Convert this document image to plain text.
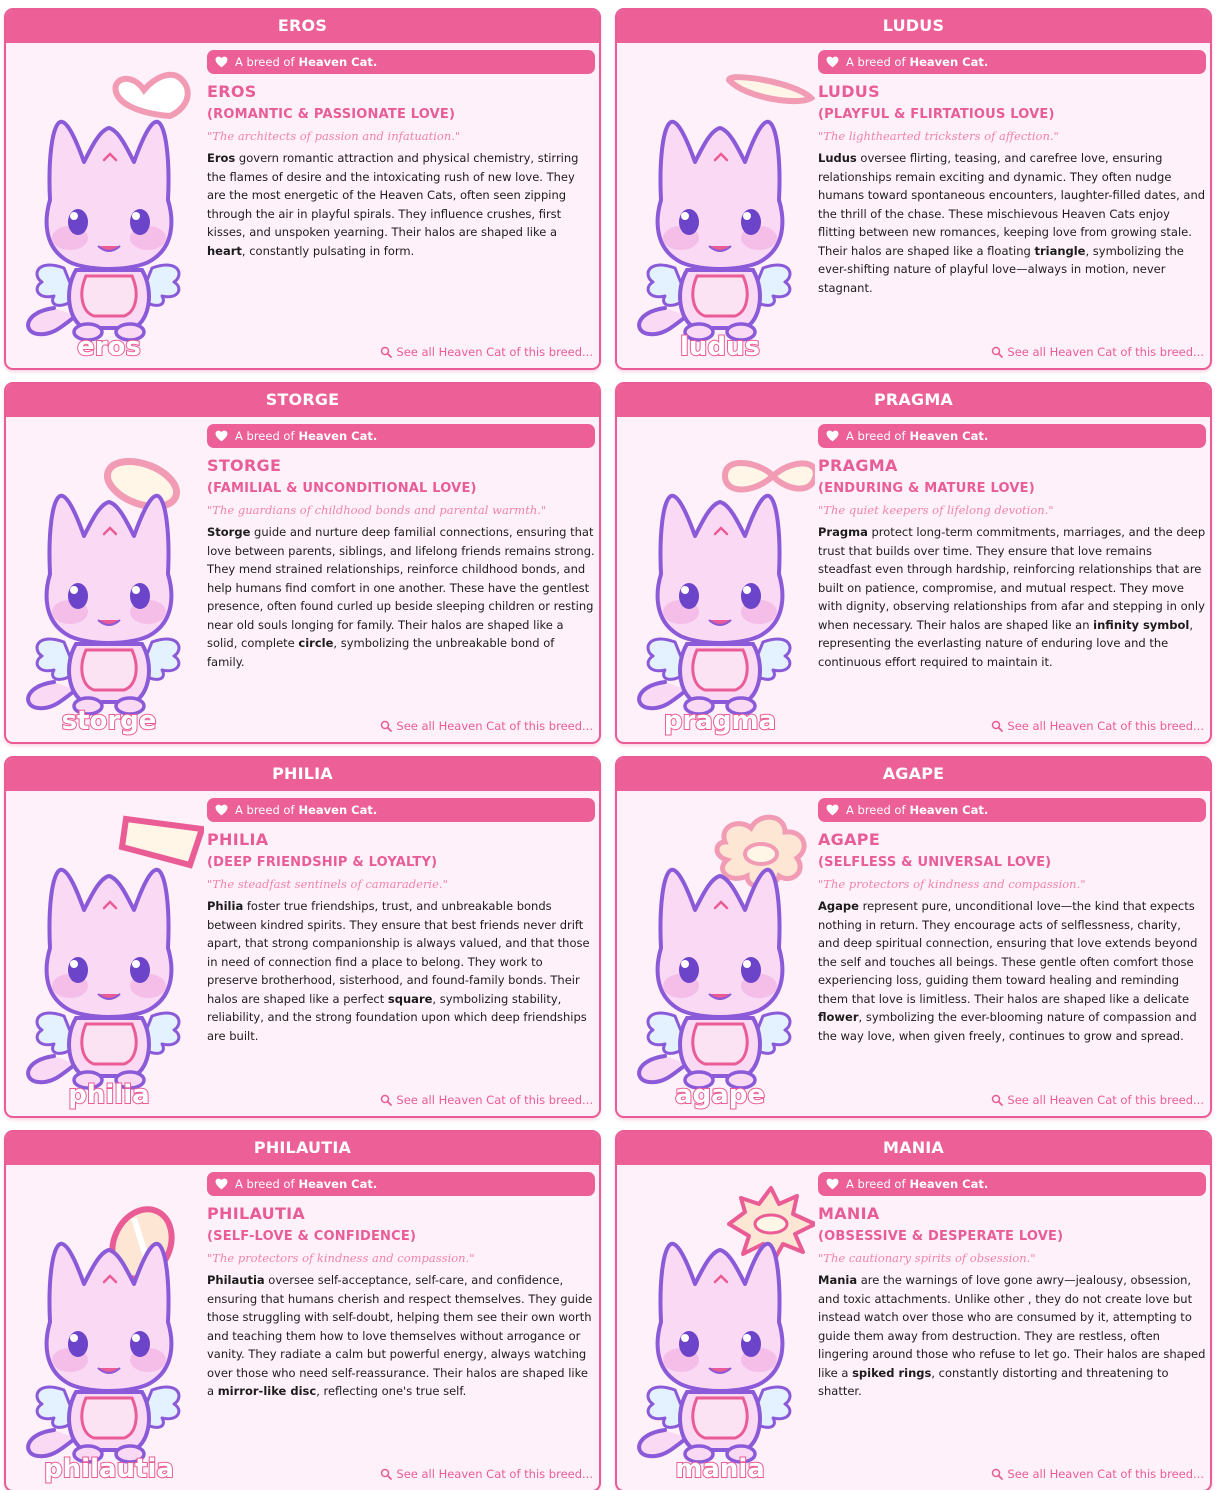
EROS
eros
A breed of Heaven Cat.
EROS
(ROMANTIC & PASSIONATE LOVE)
"The architects of passion and infatuation."
Eros govern romantic attraction and physical chemistry, stirring the flames of desire and the intoxicating rush of new love. They are the most energetic of the Heaven Cats, often seen zipping through the air in playful spirals. They influence crushes, first kisses, and unspoken yearning. Their halos are shaped like a heart, constantly pulsating in form.
See all Heaven Cat of this breed...
LUDUS
ludus
A breed of Heaven Cat.
LUDUS
(PLAYFUL & FLIRTATIOUS LOVE)
"The lighthearted tricksters of affection."
Ludus oversee flirting, teasing, and carefree love, ensuring relationships remain exciting and dynamic. They often nudge humans toward spontaneous encounters, laughter-filled dates, and the thrill of the chase. These mischievous Heaven Cats enjoy flitting between new romances, keeping love from growing stale. Their halos are shaped like a floating triangle, symbolizing the ever-shifting nature of playful love—always in motion, never stagnant.
See all Heaven Cat of this breed...
STORGE
storge
A breed of Heaven Cat.
STORGE
(FAMILIAL & UNCONDITIONAL LOVE)
"The guardians of childhood bonds and parental warmth."
Storge guide and nurture deep familial connections, ensuring that love between parents, siblings, and lifelong friends remains strong. They mend strained relationships, reinforce childhood bonds, and help humans find comfort in one another. These have the gentlest presence, often found curled up beside sleeping children or resting near old souls longing for family. Their halos are shaped like a solid, complete circle, symbolizing the unbreakable bond of family.
See all Heaven Cat of this breed...
PRAGMA
pragma
A breed of Heaven Cat.
PRAGMA
(ENDURING & MATURE LOVE)
"The quiet keepers of lifelong devotion."
Pragma protect long-term commitments, marriages, and the deep trust that builds over time. They ensure that love remains steadfast even through hardship, reinforcing relationships that are built on patience, compromise, and mutual respect. They move with dignity, observing relationships from afar and stepping in only when necessary. Their halos are shaped like an infinity symbol, representing the everlasting nature of enduring love and the continuous effort required to maintain it.
See all Heaven Cat of this breed...
PHILIA
philia
A breed of Heaven Cat.
PHILIA
(DEEP FRIENDSHIP & LOYALTY)
"The steadfast sentinels of camaraderie."
Philia foster true friendships, trust, and unbreakable bonds between kindred spirits. They ensure that best friends never drift apart, that strong companionship is always valued, and that those in need of connection find a place to belong. They work to preserve brotherhood, sisterhood, and found-family bonds. Their halos are shaped like a perfect square, symbolizing stability, reliability, and the strong foundation upon which deep friendships are built.
See all Heaven Cat of this breed...
AGAPE
agape
A breed of Heaven Cat.
AGAPE
(SELFLESS & UNIVERSAL LOVE)
"The protectors of kindness and compassion."
Agape represent pure, unconditional love—the kind that expects nothing in return. They encourage acts of selflessness, charity, and deep spiritual connection, ensuring that love extends beyond the self and touches all beings. These gentle often comfort those experiencing loss, guiding them toward healing and reminding them that love is limitless. Their halos are shaped like a delicate flower, symbolizing the ever-blooming nature of compassion and the way love, when given freely, continues to grow and spread.
See all Heaven Cat of this breed...
PHILAUTIA
philautia
A breed of Heaven Cat.
PHILAUTIA
(SELF-LOVE & CONFIDENCE)
"The protectors of kindness and compassion."
Philautia oversee self-acceptance, self-care, and confidence, ensuring that humans cherish and respect themselves. They guide those struggling with self-doubt, helping them see their own worth and teaching them how to love themselves without arrogance or vanity. They radiate a calm but powerful energy, always watching over those who need self-reassurance. Their halos are shaped like a mirror-like disc, reflecting one's true self.
See all Heaven Cat of this breed...
MANIA
mania
A breed of Heaven Cat.
MANIA
(OBSESSIVE & DESPERATE LOVE)
"The cautionary spirits of obsession."
Mania are the warnings of love gone awry—jealousy, obsession, and toxic attachments. Unlike other , they do not create love but instead watch over those who are consumed by it, attempting to guide them away from destruction. They are restless, often lingering around those who refuse to let go. Their halos are shaped like a spiked rings, constantly distorting and threatening to shatter.
See all Heaven Cat of this breed...
